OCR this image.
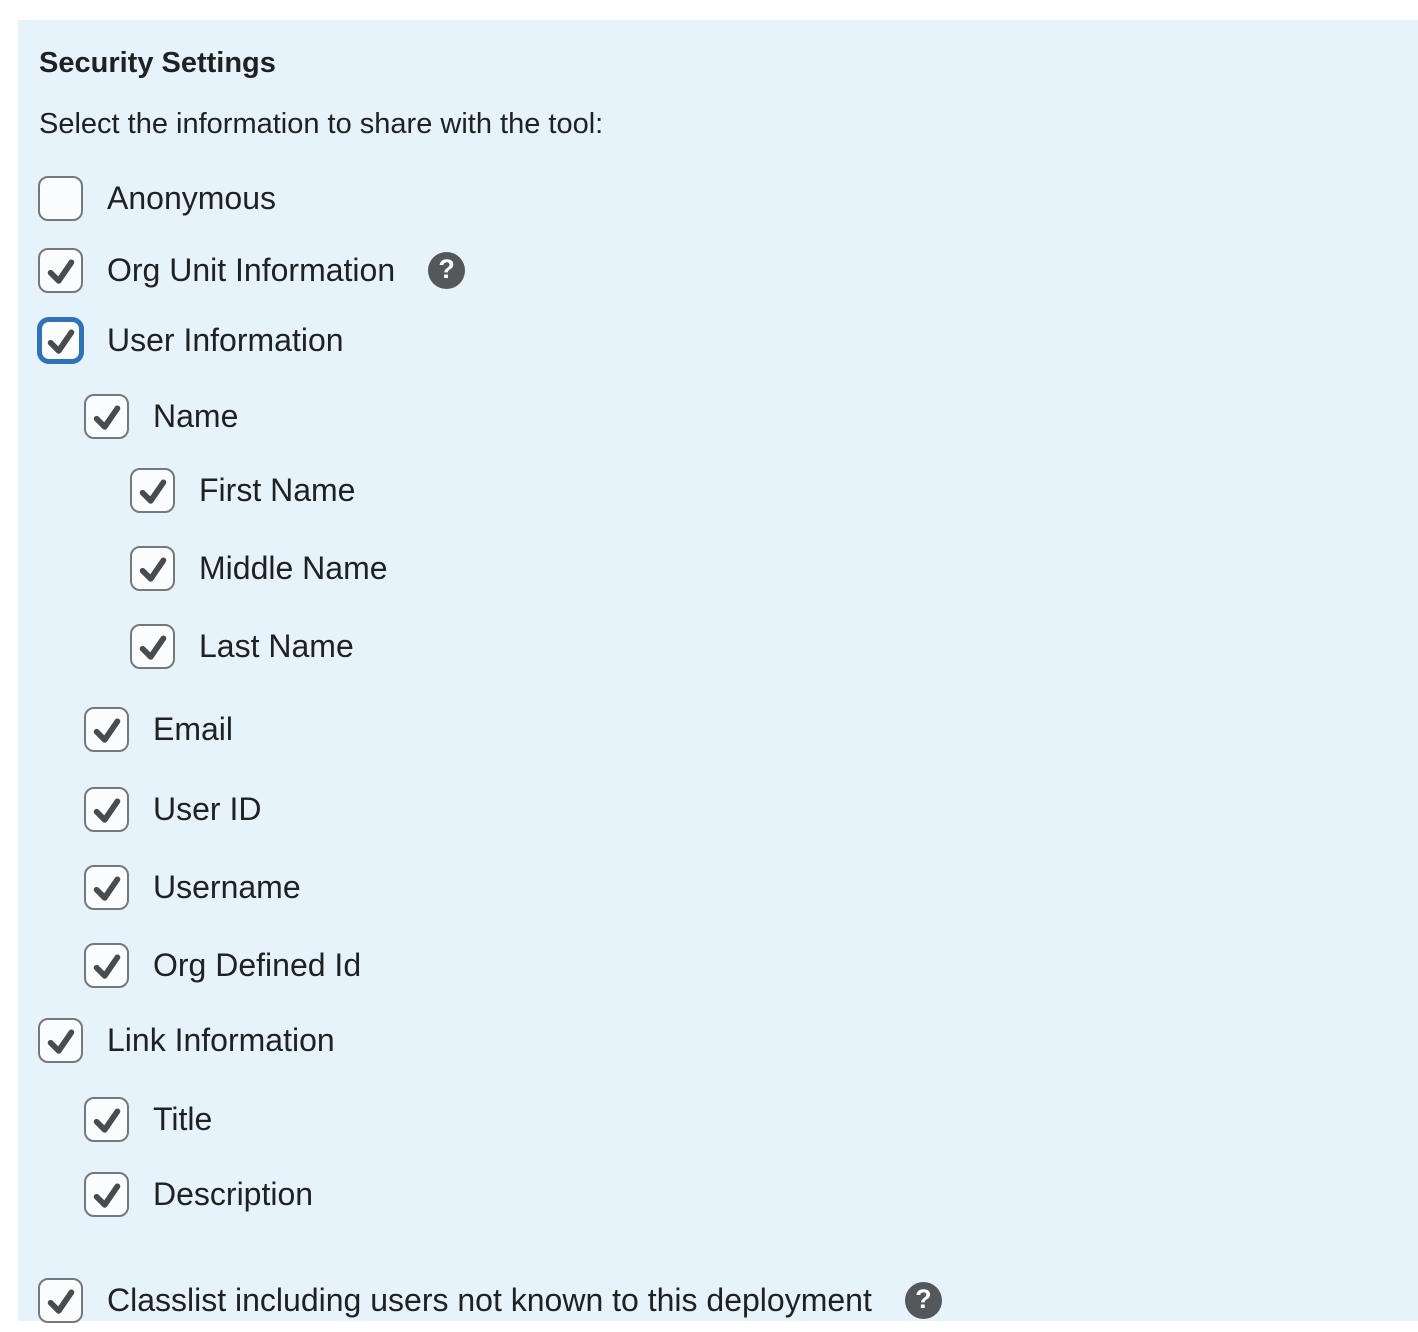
Security Settings
Select the information to share with the tool:
Anonymous
Org Unit Information	?
User Information
Name
First Name
Middle Name
Last Name
Email
User ID
Username
Org Defined Id
Link Information
Title
Description
Classlist including users not known to this deployment	?
